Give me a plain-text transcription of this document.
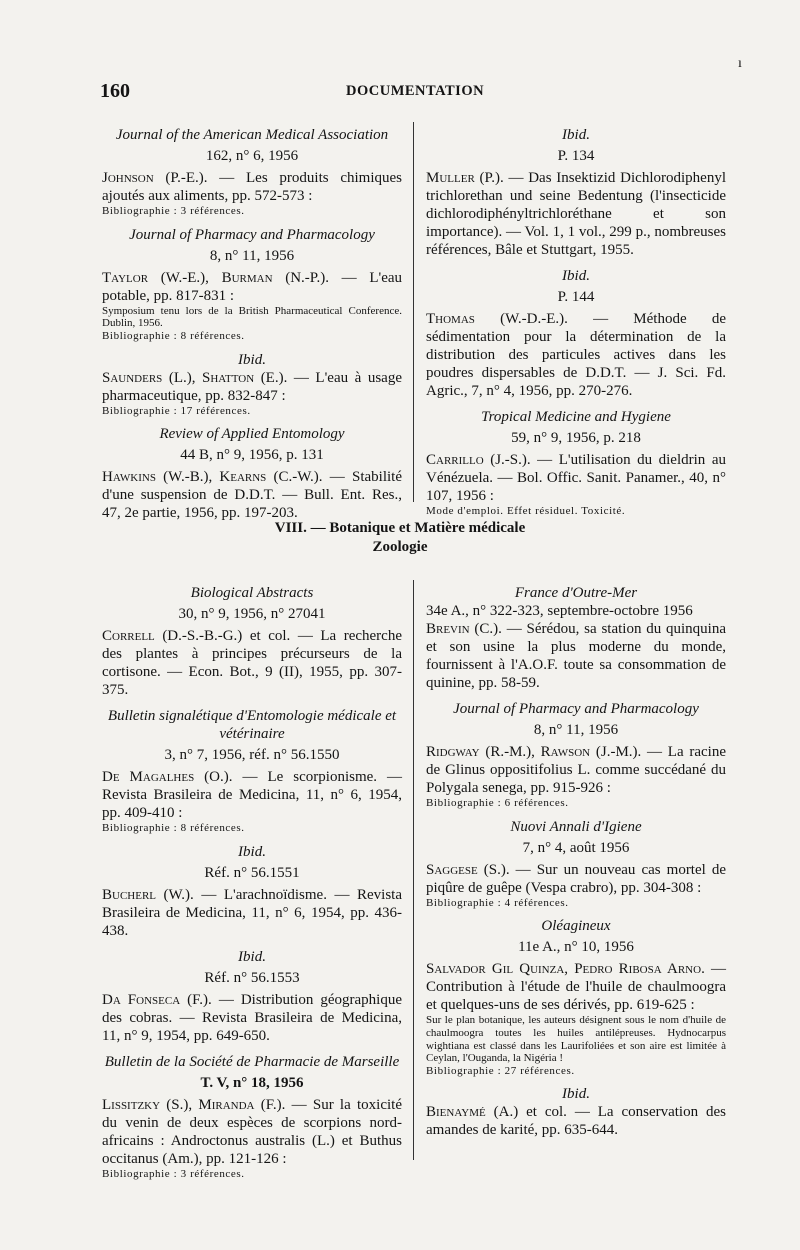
160	DOCUMENTATION
ı
Journal of the American Medical Association
162, n° 6, 1956

Johnson (P.-E.). — Les produits chimiques ajoutés aux aliments, pp. 572-573 :

Bibliographie : 3 références.

Journal of Pharmacy and Pharmacology
8, n° 11, 1956

Taylor (W.-E.), Burman (N.-P.). — L'eau potable, pp. 817-831 :

Symposium tenu lors de la British Pharmaceutical Conference. Dublin, 1956.

Bibliographie : 8 références.

Ibid.

Saunders (L.), Shatton (E.). — L'eau à usage pharmaceutique, pp. 832-847 :

Bibliographie : 17 références.

Review of Applied Entomology
44 B, n° 9, 1956, p. 131

Hawkins (W.-B.), Kearns (C.-W.). — Stabilité d'une suspension de D.D.T. — Bull. Ent. Res., 47, 2e partie, 1956, pp. 197-203.

Ibid.
P. 134

Muller (P.). — Das Insektizid Dichlorodiphenyl trichlorethan und seine Bedentung (l'insecticide dichlorodiphényltrichloréthane et son importance). — Vol. 1, 1 vol., 299 p., nombreuses références, Bâle et Stuttgart, 1955.

Ibid.
P. 144

Thomas (W.-D.-E.). — Méthode de sédimentation pour la détermination de la distribution des particules actives dans les poudres dispersables de D.D.T. — J. Sci. Fd. Agric., 7, n° 4, 1956, pp. 270-276.

Tropical Medicine and Hygiene
59, n° 9, 1956, p. 218

Carrillo (J.-S.). — L'utilisation du dieldrin au Vénézuela. — Bol. Offic. Sanit. Panamer., 40, n° 107, 1956 :

Mode d'emploi. Effet résiduel. Toxicité.

VIII. — Botanique et Matière médicale
Zoologie
Biological Abstracts
30, n° 9, 1956, n° 27041

Correll (D.-S.-B.-G.) et col. — La recherche des plantes à principes précurseurs de la cortisone. — Econ. Bot., 9 (II), 1955, pp. 307-375.

Bulletin signalétique d'Entomologie médicale et vétérinaire
3, n° 7, 1956, réf. n° 56.1550

De Magalhes (O.). — Le scorpionisme. — Revista Brasileira de Medicina, 11, n° 6, 1954, pp. 409-410 :

Bibliographie : 8 références.

Ibid.
Réf. n° 56.1551

Bucherl (W.). — L'arachnoïdisme. — Revista Brasileira de Medicina, 11, n° 6, 1954, pp. 436-438.

Ibid.
Réf. n° 56.1553

Da Fonseca (F.). — Distribution géographique des cobras. — Revista Brasileira de Medicina, 11, n° 9, 1954, pp. 649-650.

Bulletin de la Société de Pharmacie de Marseille
T. V, n° 18, 1956

Lissitzky (S.), Miranda (F.). — Sur la toxicité du venin de deux espèces de scorpions nord-africains : Androctonus australis (L.) et Buthus occitanus (Am.), pp. 121-126 :

Bibliographie : 3 références.

France d'Outre-Mer

34e A., n° 322-323, septembre-octobre 1956

Brevin (C.). — Sérédou, sa station du quinquina et son usine la plus moderne du monde, fournissent à l'A.O.F. toute sa consommation de quinine, pp. 58-59.

Journal of Pharmacy and Pharmacology
8, n° 11, 1956

Ridgway (R.-M.), Rawson (J.-M.). — La racine de Glinus oppositifolius L. comme succédané du Polygala senega, pp. 915-926 :

Bibliographie : 6 références.

Nuovi Annali d'Igiene
7, n° 4, août 1956

Saggese (S.). — Sur un nouveau cas mortel de piqûre de guêpe (Vespa crabro), pp. 304-308 :

Bibliographie : 4 références.

Oléagineux
11e A., n° 10, 1956

Salvador Gil Quinza, Pedro Ribosa Arno. — Contribution à l'étude de l'huile de chaulmoogra et quelques-uns de ses dérivés, pp. 619-625 :

Sur le plan botanique, les auteurs désignent sous le nom d'huile de chaulmoogra toutes les huiles antilépreuses. Hydnocarpus wightiana est classé dans les Laurifoliées et son aire est limitée à Ceylan, l'Ouganda, la Nigéria !

Bibliographie : 27 références.

Ibid.

Bienaymé (A.) et col. — La conservation des amandes de karité, pp. 635-644.
